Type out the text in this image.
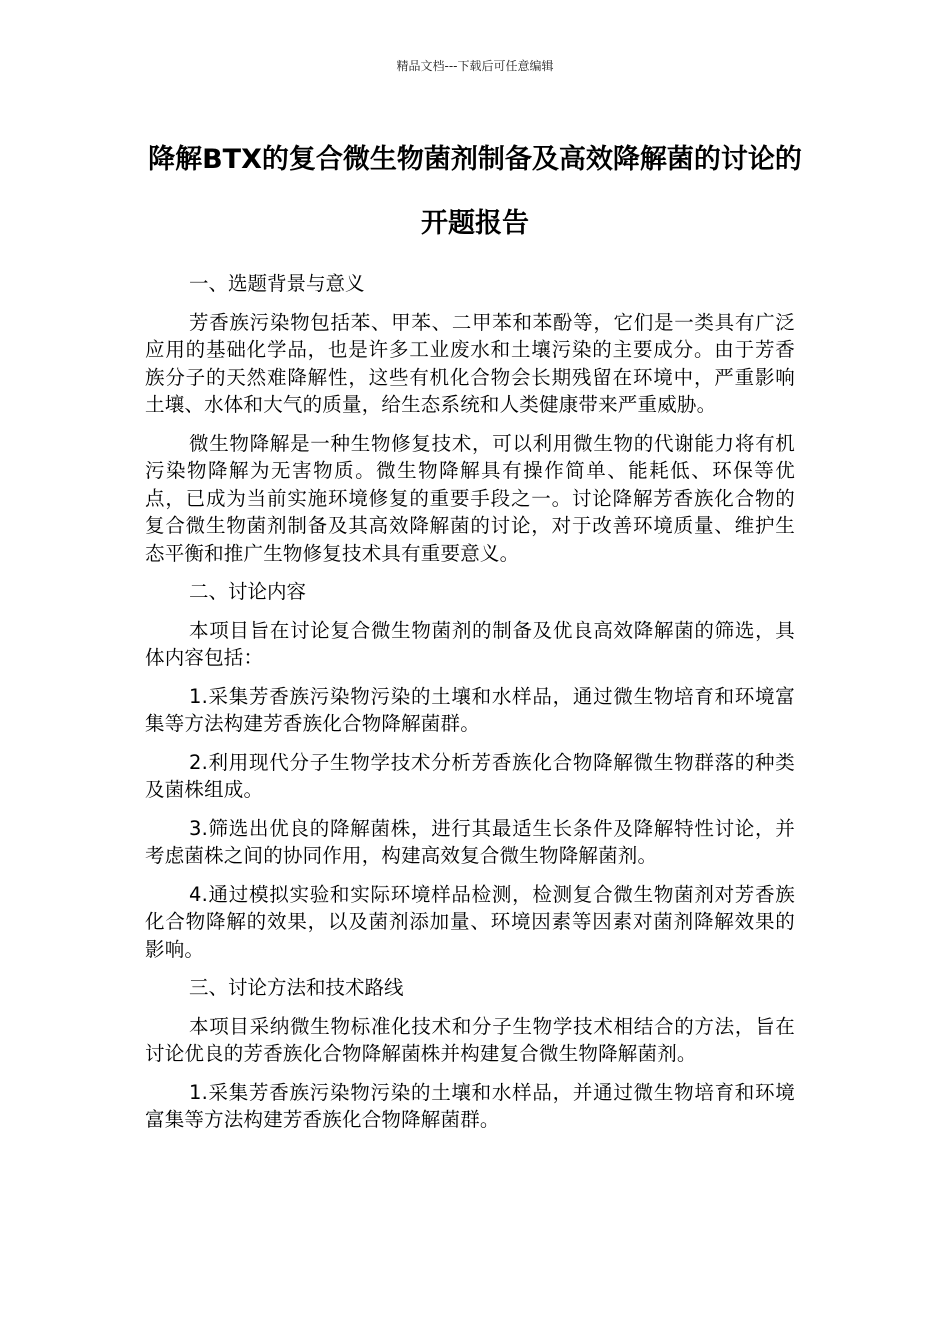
精品文档---下载后可任意编辑
降解BTX的复合微生物菌剂制备及高效降解菌的讨论的开题报告
一、选题背景与意义
芳香族污染物包括苯、甲苯、二甲苯和苯酚等，它们是一类具有广泛应用的基础化学品，也是许多工业废水和土壤污染的主要成分。由于芳香族分子的天然难降解性，这些有机化合物会长期残留在环境中，严重影响土壤、水体和大气的质量，给生态系统和人类健康带来严重威胁。
微生物降解是一种生物修复技术，可以利用微生物的代谢能力将有机污染物降解为无害物质。微生物降解具有操作简单、能耗低、环保等优点，已成为当前实施环境修复的重要手段之一。讨论降解芳香族化合物的复合微生物菌剂制备及其高效降解菌的讨论，对于改善环境质量、维护生态平衡和推广生物修复技术具有重要意义。
二、讨论内容
本项目旨在讨论复合微生物菌剂的制备及优良高效降解菌的筛选，具体内容包括：
1.采集芳香族污染物污染的土壤和水样品，通过微生物培育和环境富集等方法构建芳香族化合物降解菌群。
2.利用现代分子生物学技术分析芳香族化合物降解微生物群落的种类及菌株组成。
3.筛选出优良的降解菌株，进行其最适生长条件及降解特性讨论，并考虑菌株之间的协同作用，构建高效复合微生物降解菌剂。
4.通过模拟实验和实际环境样品检测，检测复合微生物菌剂对芳香族化合物降解的效果，以及菌剂添加量、环境因素等因素对菌剂降解效果的影响。
三、讨论方法和技术路线
本项目采纳微生物标准化技术和分子生物学技术相结合的方法，旨在讨论优良的芳香族化合物降解菌株并构建复合微生物降解菌剂。
1.采集芳香族污染物污染的土壤和水样品，并通过微生物培育和环境富集等方法构建芳香族化合物降解菌群。
